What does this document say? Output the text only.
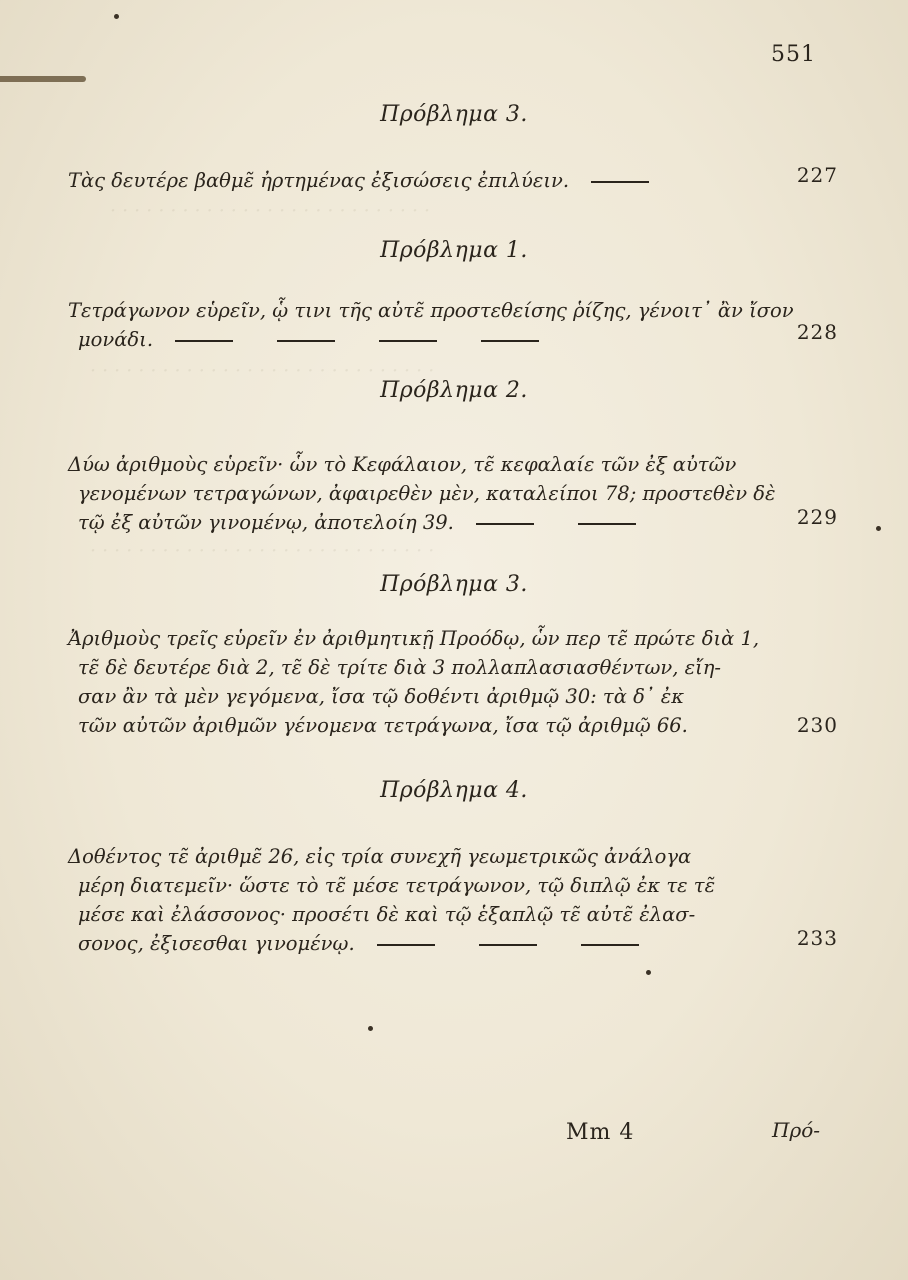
· · · · · · · · · · · · · · · · · · · · · · · · · · ·
· · · · · · · · · · · · · · · · · · · · · · · · · · · · ·
· · · · · · · · · · · · · · · · · · · · · · · · · · · · ·
551
Πρόβλημα 3.

Τὰς δευτέρε βαθμε̃ ἠρτημένας ἐξισώσεις ἐπιλύειν.	227
Πρόβλημα 1.

Τετράγωνον εὑρεῖν, ᾧ τινι τῆς αὐτε̃ προστεθείσης ῥίζης, γένοιτ᾽ ἂν ἴσον

μονάδι.	228
Πρόβλημα 2.

Δύω ἀριθμοὺς εὑρεῖν· ὧν τὸ Κεφάλαιον, τε̃ κεφαλαίε τῶν ἐξ αὐτῶν

γενομένων τετραγώνων, ἀφαιρεθὲν μὲν, καταλείποι 78; προστεθὲν δὲ

τῷ ἐξ αὐτῶν γινομένῳ, ἀποτελοίη 39.	229
Πρόβλημα 3.

Ἀριθμοὺς τρεῖς εὑρεῖν ἐν ἀριθμητικῇ Προόδῳ, ὧν περ τε̃ πρώτε διὰ 1,

τε̃ δὲ δευτέρε διὰ 2, τε̃ δὲ τρίτε διὰ 3 πολλαπλασιασθέντων, εἴη-

σαν ἂν τὰ μὲν γεγόμενα, ἴσα τῷ δοθέντι ἀριθμῷ 30: τὰ δ᾽ ἐκ

τῶν αὐτῶν ἀριθμῶν γένομενα τετράγωνα, ἴσα τῷ ἀριθμῷ 66.	230
Πρόβλημα 4.

Δοθέντος τε̃ ἀριθμε̃ 26, εἰς τρία συνεχῆ γεωμετρικῶς ἀνάλογα

μέρη διατεμεῖν· ὥστε τὸ τε̃ μέσε τετράγωνον, τῷ διπλῷ ἐκ τε τε̃

μέσε καὶ ἐλάσσονος· προσέτι δὲ καὶ τῷ ἑξαπλῷ τε̃ αὐτε̃ ἐλασ-

σονος, ἐξισεσθαι γινομένῳ.	233
Mm 4	Πρό-
